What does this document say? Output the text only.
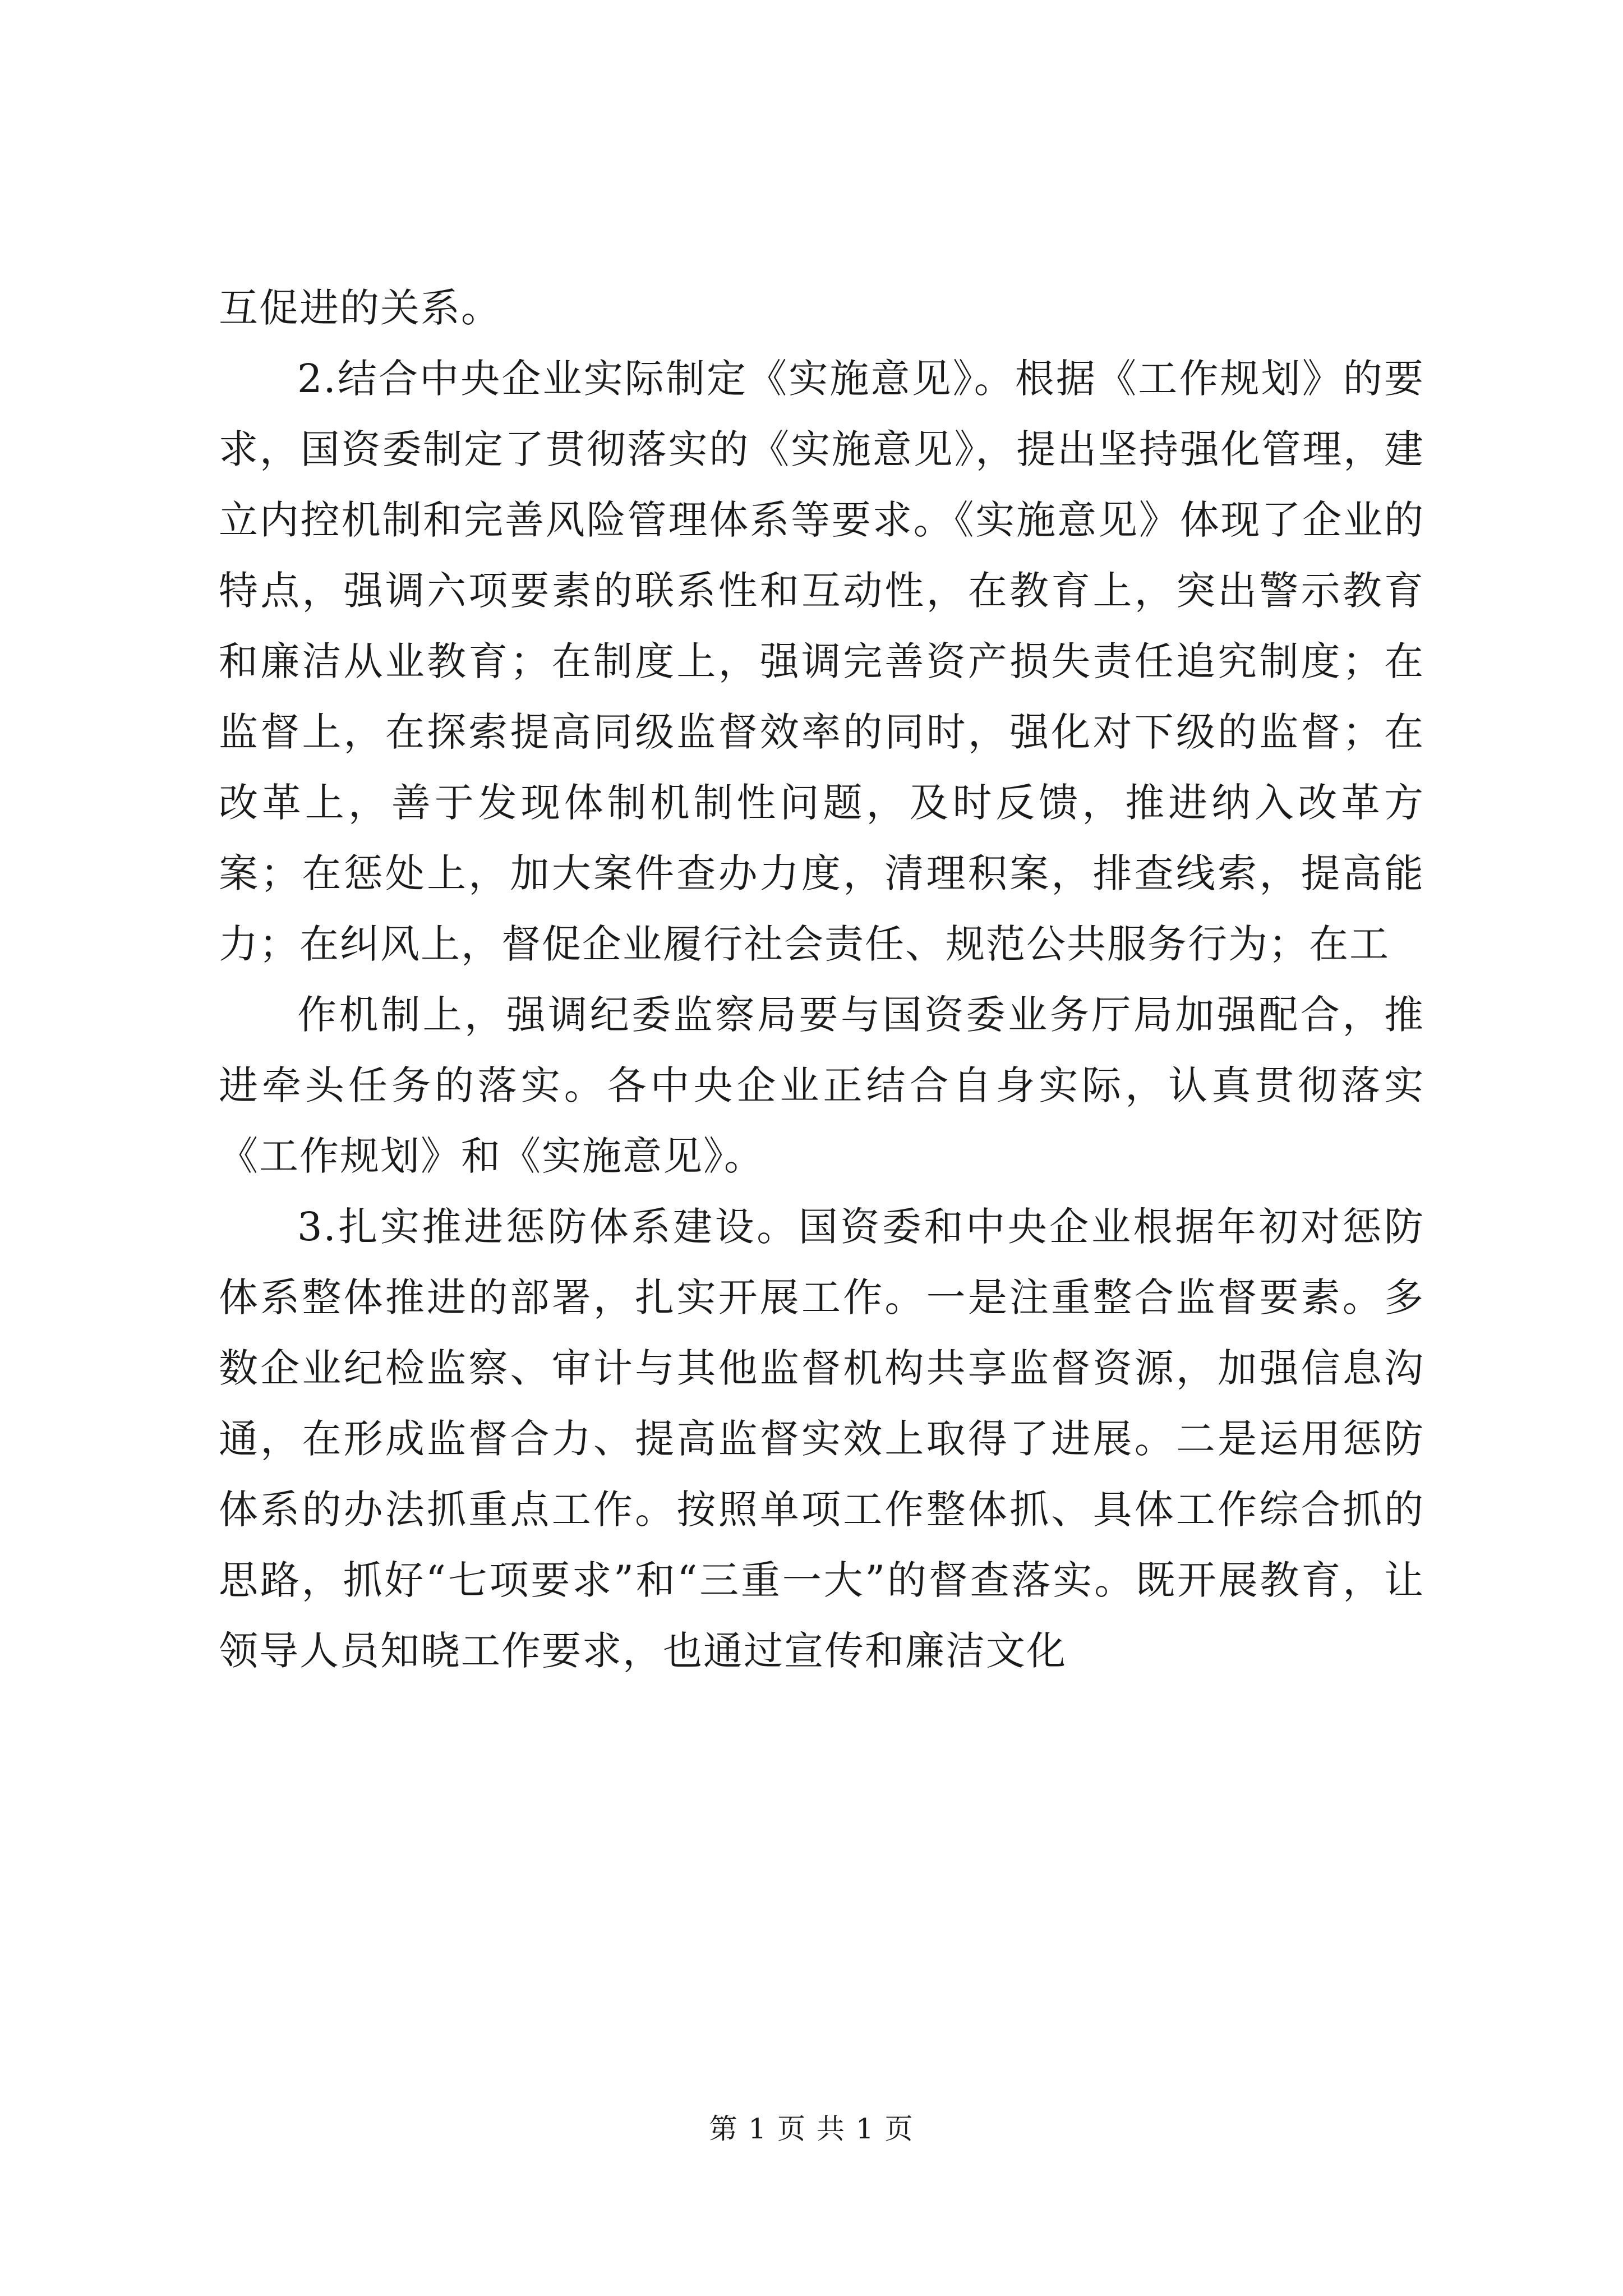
互促进的关系。

2.结合中央企业实际制定《实施意见》。根据《工作规划》的要求，国资委制定了贯彻落实的《实施意见》，提出坚持强化管理，建立内控机制和完善风险管理体系等要求。《实施意见》体现了企业的特点，强调六项要素的联系性和互动性，在教育上，突出警示教育和廉洁从业教育；在制度上，强调完善资产损失责任追究制度；在监督上，在探索提高同级监督效率的同时，强化对下级的监督；在改革上，善于发现体制机制性问题，及时反馈，推进纳入改革方案；在惩处上，加大案件查办力度，清理积案，排查线索，提高能力；在纠风上，督促企业履行社会责任、规范公共服务行为；在工

作机制上，强调纪委监察局要与国资委业务厅局加强配合，推进牵头任务的落实。各中央企业正结合自身实际，认真贯彻落实《工作规划》和《实施意见》。

3.扎实推进惩防体系建设。国资委和中央企业根据年初对惩防体系整体推进的部署，扎实开展工作。一是注重整合监督要素。多数企业纪检监察、审计与其他监督机构共享监督资源，加强信息沟通，在形成监督合力、提高监督实效上取得了进展。二是运用惩防体系的办法抓重点工作。按照单项工作整体抓、具体工作综合抓的思路，抓好“七项要求”和“三重一大”的督查落实。既开展教育，让领导人员知晓工作要求，也通过宣传和廉洁文化

第 1 页 共 1 页
